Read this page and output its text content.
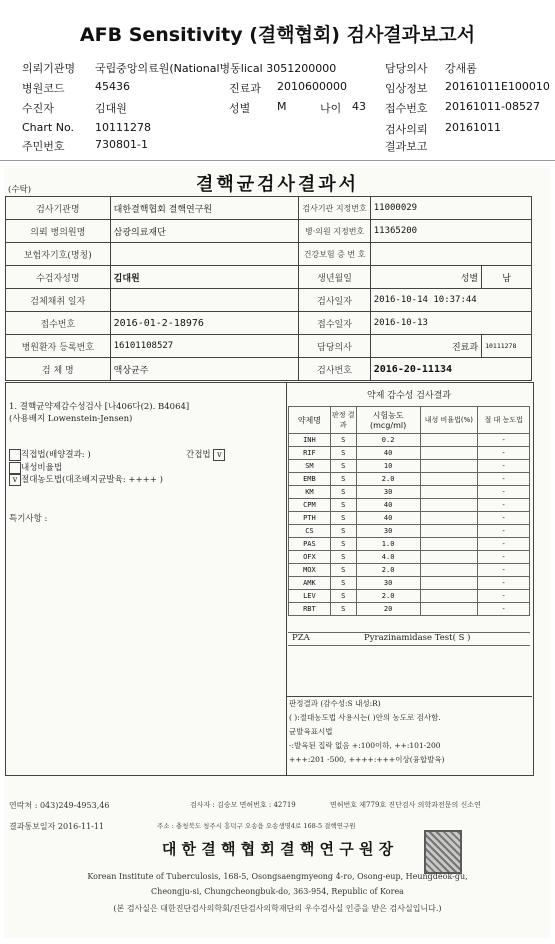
AFB Sensitivity (결핵협회) 검사결과보고서
의뢰기관명 국립중앙의료원(National병동lical 3051200000	담당의사 강새롬
병원코드	45436	진료과 2010600000	임상정보 20161011E100010
수진자	김대원	성별 M	나이 43 접수번호 20161011-08527
Chart No. 10111278	검사의뢰 20161011
주민번호	730801-1	결과보고
(수탁)	결핵균검사결과서
검사기관명	대한결핵협회 결핵연구원	검사기관 지정번호	11000029	
의뢰 병의원명	삼광의료재단	병·의원 지정번호	11365200	
보험자기호(명칭)		건강보험 증 번 호		
수검자성명	김대원	생년월일	성별	남
검체채취 일자		검사일자	2016-10-14 10:37:44	
접수번호	2016-01-2-18976	접수일자	2016-10-13	
병원환자 등록번호	16101108527	담당의사	진료과	10111278
검 체 명	액상균주	검사번호	2016-20-11134	
1. 결핵균약제감수성검사 [나406다(2). B4064]
(사용배지 Lowenstein-Jensen)
직접법(배양결과: )	간접법 v
내성비율법
v 절대농도법(대조배지균발육: ++++ )
특기사항 :
약제 감수성 검사결과
약제명	판정 결과	시험농도 (mcg/ml)	내성 비율법(%)	절 대 농도법
INH	S	0.2		-
RIF	S	40		-
SM	S	10		-
EMB	S	2.0		-
KM	S	30		-
CPM	S	40		-
PTH	S	40		-
CS	S	30		-
PAS	S	1.0		-
OFX	S	4.0		-
MOX	S	2.0		-
AMK	S	30		-
LEV	S	2.0		-
RBT	S	20		-
PZA	Pyrazinamidase Test( S )
판정결과 (감수성:S 내성:R)
( ):절대농도법 사용시는( )안의 농도로 검사함.
균발육표시법
-:발육된 집락 없음 +:100이하, ++:101-200
+++:201 -500, ++++:+++이상(융합발육)
연락처 : 043)249-4953,46	검사자 : 김승모 면허번호 : 42719	면허번호 제779호 진단검사 의학과전문의 신소연
결과통보일자 2016-11-11	주소 : 충청북도 청주시 흥덕구 오송읍 오송생명4로 168-5 결핵연구원
대 한 결 핵 협 회 결 핵 연 구 원 장
Korean Institute of Tuberculosis, 168-5, Osongsaengmyeong 4-ro, Osong-eup, Heungdeok-gu,
Cheongju-si, Chungcheongbuk-do, 363-954, Republic of Korea
(본 검사실은 대한진단검사의학회/진단검사의학재단의 우수검사실 인증을 받은 검사실입니다.)
